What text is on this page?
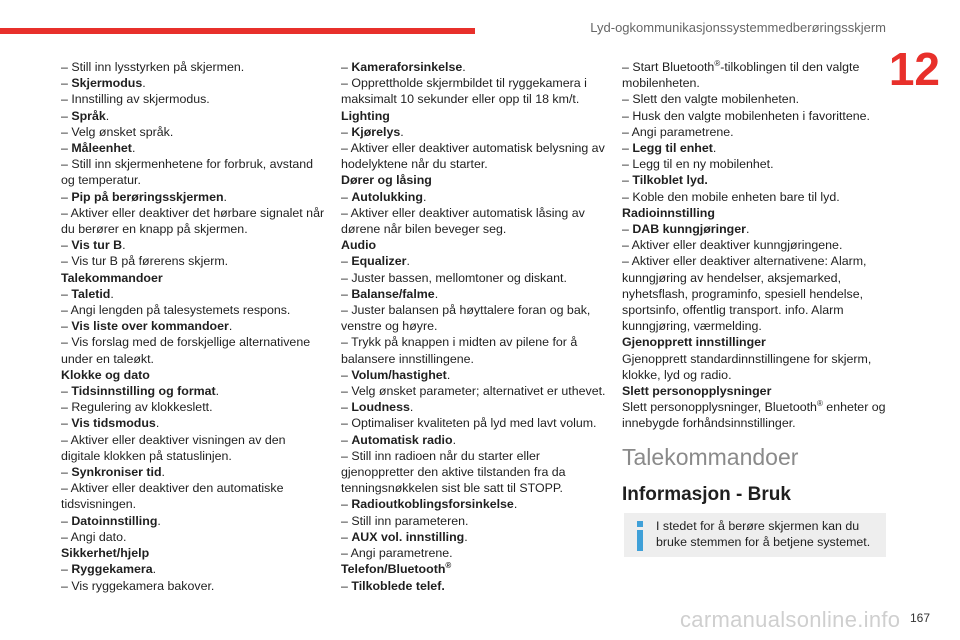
Lyd-ogkommunikasjonssystemmedberøringsskjerm
12

– Still inn lysstyrken på skjermen.

– Skjermodus.

– Innstilling av skjermodus.

– Språk.

– Velg ønsket språk.

– Måleenhet.

– Still inn skjermenhetene for forbruk, avstand og temperatur.

– Pip på berøringsskjermen.

– Aktiver eller deaktiver det hørbare signalet når du berører en knapp på skjermen.

– Vis tur B.

– Vis tur B på førerens skjerm.

Talekommandoer

– Taletid.

– Angi lengden på talesystemets respons.

– Vis liste over kommandoer.

– Vis forslag med de forskjellige alternativene under en taleøkt.

Klokke og dato

– Tidsinnstilling og format.

– Regulering av klokkeslett.

– Vis tidsmodus.

– Aktiver eller deaktiver visningen av den digitale klokken på statuslinjen.

– Synkroniser tid.

– Aktiver eller deaktiver den automatiske tidsvisningen.

– Datoinnstilling.

– Angi dato.

Sikkerhet/hjelp

– Ryggekamera.

– Vis ryggekamera bakover.

– Kameraforsinkelse.

– Opprettholde skjermbildet til ryggekamera i maksimalt 10 sekunder eller opp til 18 km/t.

Lighting

– Kjørelys.

– Aktiver eller deaktiver automatisk belysning av hodelyktene når du starter.

Dører og låsing

– Autolukking.

– Aktiver eller deaktiver automatisk låsing av dørene når bilen beveger seg.

Audio

– Equalizer.

– Juster bassen, mellomtoner og diskant.

– Balanse/falme.

– Juster balansen på høyttalere foran og bak, venstre og høyre.

– Trykk på knappen i midten av pilene for å balansere innstillingene.

– Volum/hastighet.

– Velg ønsket parameter; alternativet er uthevet.

– Loudness.

– Optimaliser kvaliteten på lyd med lavt volum.

– Automatisk radio.

– Still inn radioen når du starter eller gjenoppretter den aktive tilstanden fra da tenningsnøkkelen sist ble satt til STOPP.

– Radioutkoblingsforsinkelse.

– Still inn parameteren.

– AUX vol. innstilling.

– Angi parametrene.

Telefon/Bluetooth®

– Tilkoblede telef.

– Start Bluetooth®-tilkoblingen til den valgte mobilenheten.

– Slett den valgte mobilenheten.

– Husk den valgte mobilenheten i favorittene.

– Angi parametrene.

– Legg til enhet.

– Legg til en ny mobilenhet.

– Tilkoblet lyd.

– Koble den mobile enheten bare til lyd.

Radioinnstilling

– DAB kunngjøringer.

– Aktiver eller deaktiver kunngjøringene.

– Aktiver eller deaktiver alternativene: Alarm, kunngjøring av hendelser, aksjemarked, nyhetsflash, programinfo, spesiell hendelse, sportsinfo, offentlig transport. info. Alarm kunngjøring, værmelding.

Gjenopprett innstillinger

Gjenopprett standardinnstillingene for skjerm, klokke, lyd og radio.

Slett personopplysninger

Slett personopplysninger, Bluetooth® enheter og innebygde forhåndsinnstillinger.

Talekommandoer
Informasjon - Bruk
I stedet for å berøre skjermen kan du bruke stemmen for å betjene systemet.
carmanualsonline.info 167
